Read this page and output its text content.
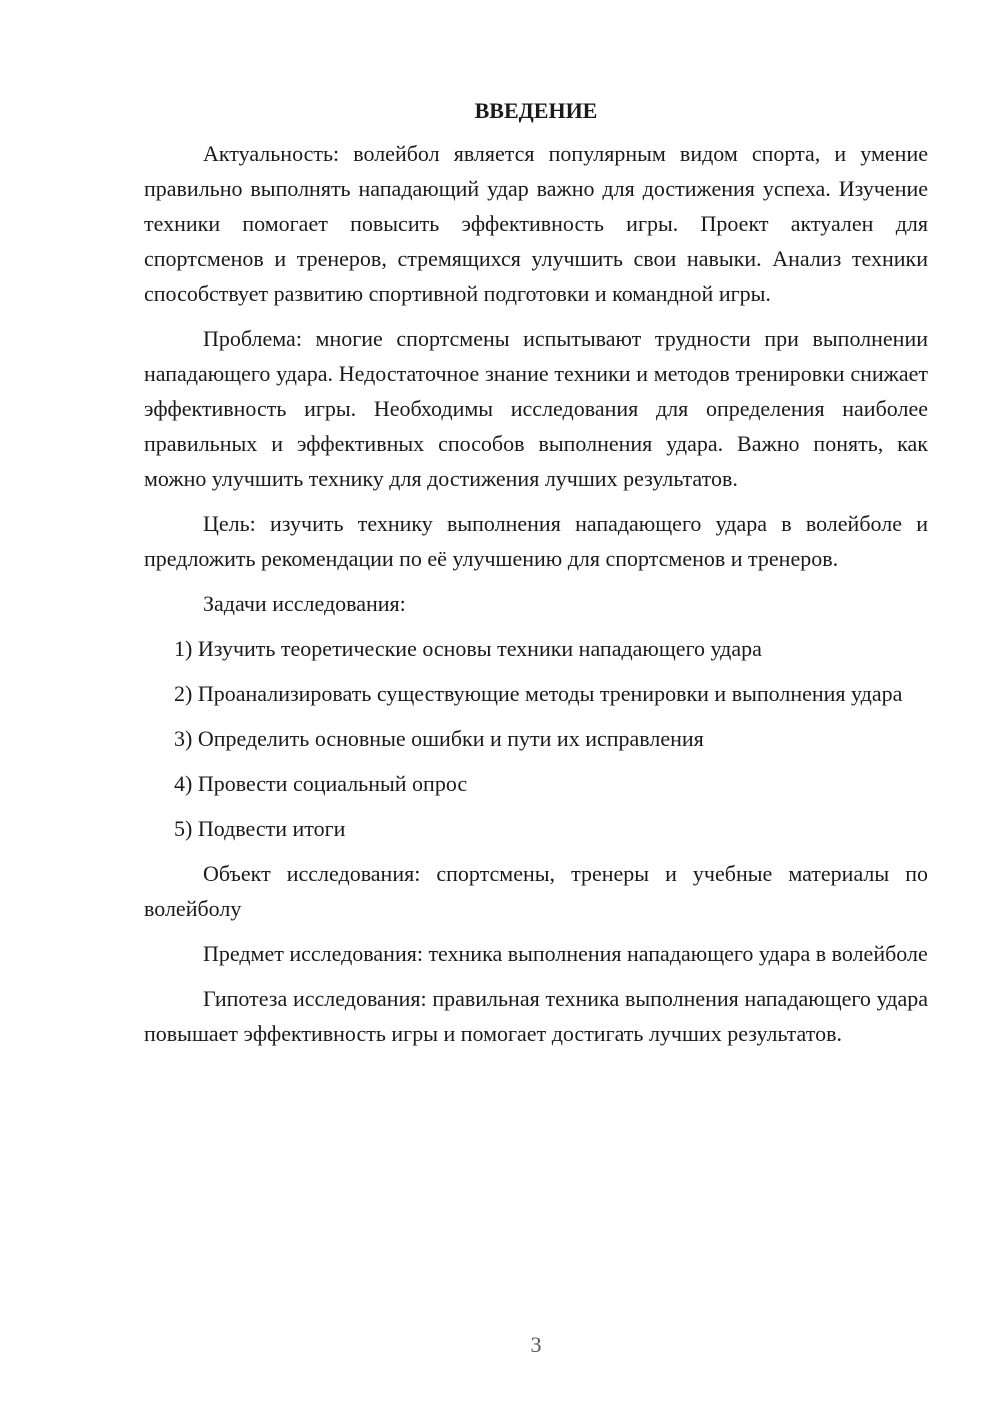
ВВЕДЕНИЕ

Актуальность: волейбол является популярным видом спорта, и умение правильно выполнять нападающий удар важно для достижения успеха. Изучение техники помогает повысить эффективность игры. Проект актуален для спортсменов и тренеров, стремящихся улучшить свои навыки. Анализ техники способствует развитию спортивной подготовки и командной игры.

Проблема: многие спортсмены испытывают трудности при выполнении нападающего удара. Недостаточное знание техники и методов тренировки снижает эффективность игры. Необходимы исследования для определения наиболее правильных и эффективных способов выполнения удара. Важно понять, как можно улучшить технику для достижения лучших результатов.

Цель: изучить технику выполнения нападающего удара в волейболе и предложить рекомендации по её улучшению для спортсменов и тренеров.

Задачи исследования:

1) Изучить теоретические основы техники нападающего удара

2) Проанализировать существующие методы тренировки и выполнения удара

3) Определить основные ошибки и пути их исправления

4) Провести социальный опрос

5) Подвести итоги

Объект исследования: спортсмены, тренеры и учебные материалы по волейболу

Предмет исследования: техника выполнения нападающего удара в волейболе

Гипотеза исследования: правильная техника выполнения нападающего удара повышает эффективность игры и помогает достигать лучших результатов.

3
